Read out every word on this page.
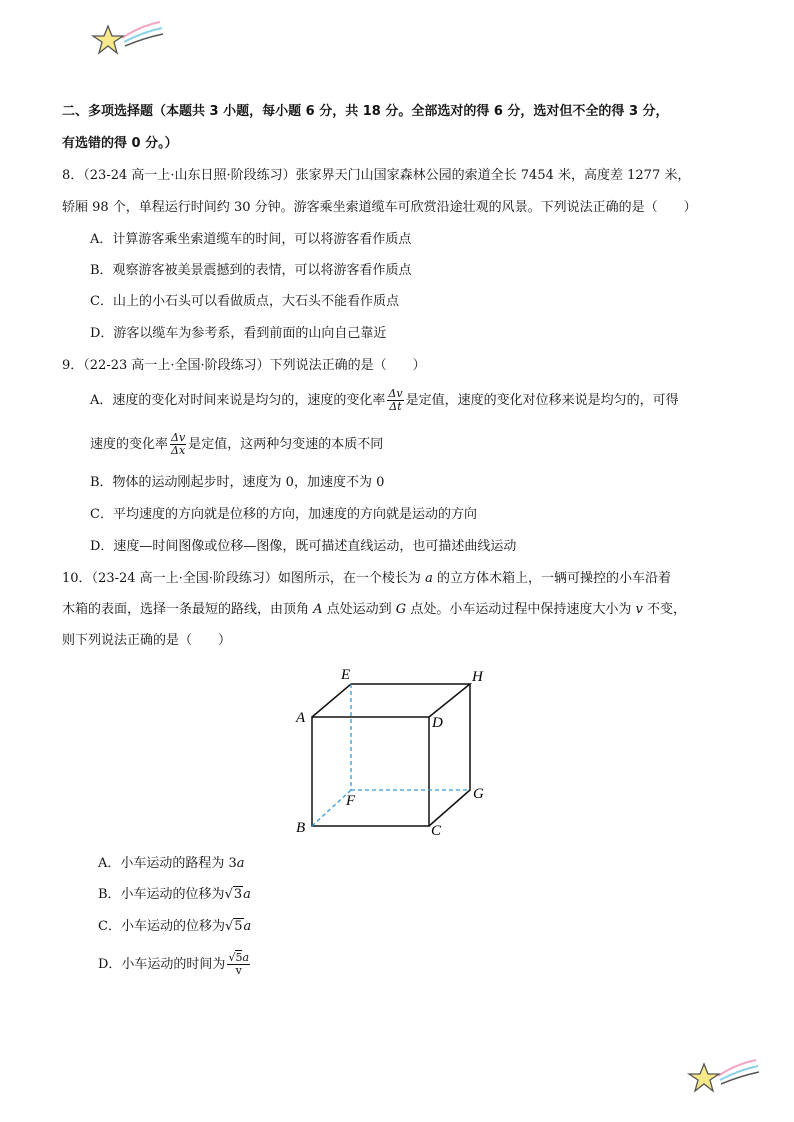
二、多项选择题（本题共 3 小题，每小题 6 分，共 18 分。全部选对的得 6 分，选对但不全的得 3 分，
有选错的得 0 分。）
8．（23-24 高一上·山东日照·阶段练习）张家界天门山国家森林公园的索道全长 7454 米，高度差 1277 米，
轿厢 98 个，单程运行时间约 30 分钟。游客乘坐索道缆车可欣赏沿途壮观的风景。下列说法正确的是（　　）
A．计算游客乘坐索道缆车的时间，可以将游客看作质点
B．观察游客被美景震撼到的表情，可以将游客看作质点
C．山上的小石头可以看做质点，大石头不能看作质点
D．游客以缆车为参考系，看到前面的山向自己靠近
9．（22-23 高一上·全国·阶段练习）下列说法正确的是（　　）
A．速度的变化对时间来说是均匀的，速度的变化率 $\frac{\Delta v}{\Delta t}$ 是定值，速度的变化对位移来说是均匀的，可得
速度的变化率 $\frac{\Delta v}{\Delta x}$ 是定值，这两种匀变速的本质不同
B．物体的运动刚起步时，速度为 0，加速度不为 0
C．平均速度的方向就是位移的方向，加速度的方向就是运动的方向
D．速度—时间图像或位移—图像，既可描述直线运动，也可描述曲线运动
10．（23-24 高一上·全国·阶段练习）如图所示，在一个棱长为 a 的立方体木箱上，一辆可操控的小车沿着
木箱的表面，选择一条最短的路线，由顶角 A 点处运动到 G 点处。小车运动过程中保持速度大小为 v 不变，
则下列说法正确的是（　　）
E	H
A	D
F	G
B	C
A．小车运动的路程为 3a
B．小车运动的位移为√3a
C．小车运动的位移为√5a
D．小车运动的时间为 $\frac{√5a}{v}$
